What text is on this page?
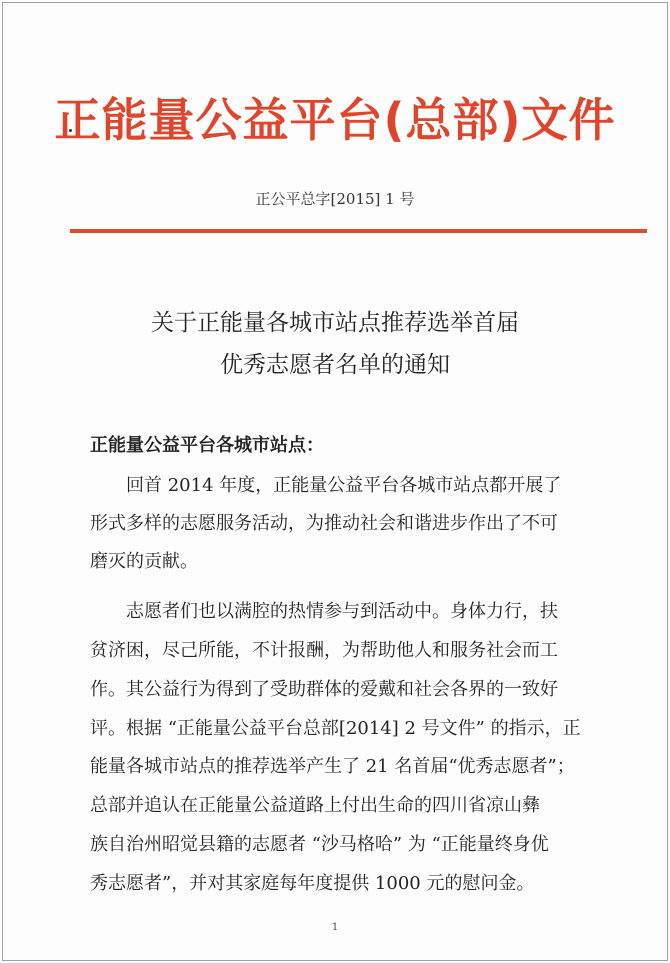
正能量公益平台(总部)文件
正公平总字[2015] 1 号
关于正能量各城市站点推荐选举首届
优秀志愿者名单的通知
正能量公益平台各城市站点：
回首 2014 年度，正能量公益平台各城市站点都开展了
形式多样的志愿服务活动，为推动社会和谐进步作出了不可
磨灭的贡献。
志愿者们也以满腔的热情参与到活动中。身体力行，扶
贫济困，尽己所能，不计报酬，为帮助他人和服务社会而工
作。其公益行为得到了受助群体的爱戴和社会各界的一致好
评。根据 “正能量公益平台总部[2014] 2 号文件” 的指示，正
能量各城市站点的推荐选举产生了 21 名首届“优秀志愿者”；
总部并追认在正能量公益道路上付出生命的四川省凉山彝
族自治州昭觉县籍的志愿者 “沙马格哈” 为 “正能量终身优
秀志愿者”，并对其家庭每年度提供 1000 元的慰问金。
1
